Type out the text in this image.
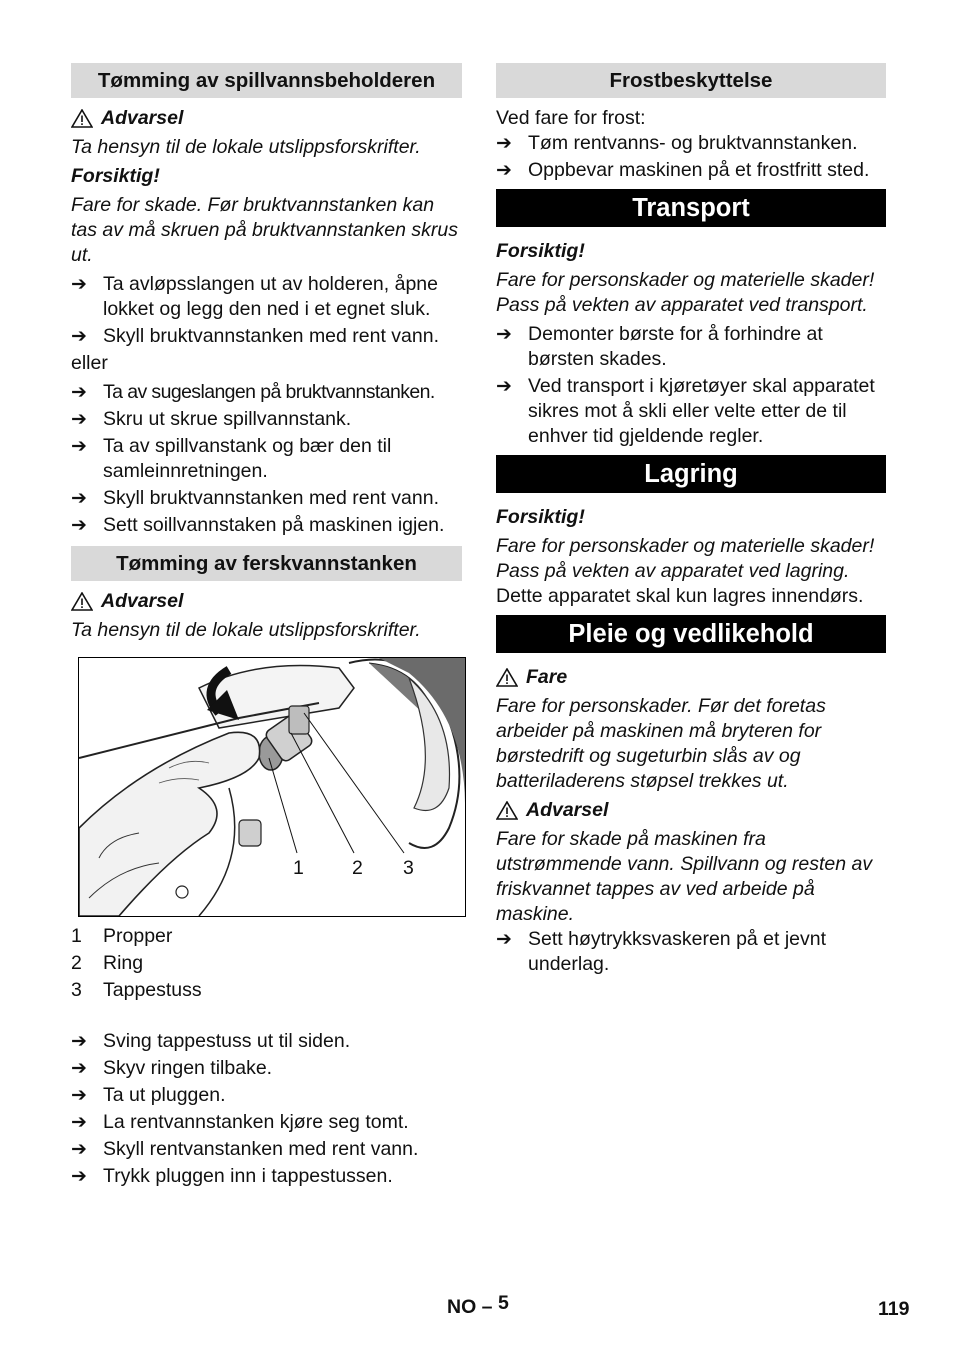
Tømming av spillvannsbeholderen
Advarsel
Ta hensyn til de lokale utslippsforskrifter.
Forsiktig!
Fare for skade. Før bruktvannstanken kan tas av må skruen på bruktvannstanken skrus ut.
➔ Ta avløpsslangen ut av holderen, åpne lokket og legg den ned i et egnet sluk.
➔ Skyll bruktvannstanken med rent vann.
eller
➔ Ta av sugeslangen på bruktvannstanken.
➔ Skru ut skrue spillvannstank.
➔ Ta av spillvanstank og bær den til samleinnretningen.
➔ Skyll bruktvannstanken med rent vann.
➔ Sett soillvannstaken på maskinen igjen.
Tømming av ferskvannstanken
Advarsel
Ta hensyn til de lokale utslippsforskrifter.
1 2 3
1	Propper
2	Ring
3	Tappestuss
➔ Sving tappestuss ut til siden.
➔ Skyv ringen tilbake.
➔ Ta ut pluggen.
➔ La rentvannstanken kjøre seg tomt.
➔ Skyll rentvanstanken med rent vann.
➔ Trykk pluggen inn i tappestussen.
Frostbeskyttelse
Ved fare for frost:
➔ Tøm rentvanns- og bruktvannstanken.
➔ Oppbevar maskinen på et frostfritt sted.
Transport
Forsiktig!
Fare for personskader og materielle skader! Pass på vekten av apparatet ved transport.
➔ Demonter børste for å forhindre at børsten skades.
➔ Ved transport i kjøretøyer skal apparatet sikres mot å skli eller velte etter de til enhver tid gjeldende regler.
Lagring
Forsiktig!
Fare for personskader og materielle skader! Pass på vekten av apparatet ved lagring.
Dette apparatet skal kun lagres innendørs.
Pleie og vedlikehold
Fare
Fare for personskader. Før det foretas arbeider på maskinen må bryteren for børstedrift og sugeturbin slås av og batteriladerens støpsel trekkes ut.
Advarsel
Fare for skade på maskinen fra utstrømmende vann. Spillvann og resten av friskvannet tappes av ved arbeide på maskine.
➔ Sett høytrykksvaskeren på et jevnt underlag.
NO – 5	119
